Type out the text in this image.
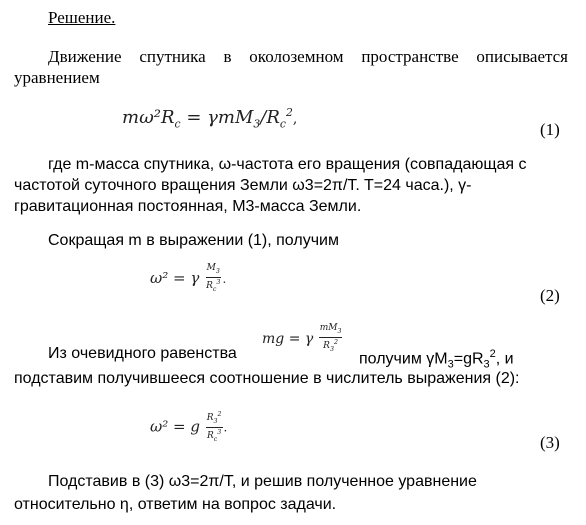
Решение.

Движение спутника в околоземном пространстве описывается

уравнением

$m\omega^2R_c = \gamma mM_3/R_c^2$,
(1)

где m-масса спутника, ω-частота его вращения (совпадающая с

частотой суточного вращения Земли ω3=2π/T. T=24 часа.), γ-

гравитационная постоянная, M3-масса Земли.

Сокращая m в выражении (1), получим

ω² = γ $\frac{M_3}{R_c^3}$ .
(2)
mg = γ $\frac{mM_3}{R_3^2}$

Из очевидного равенства	получим $\gamma M_3=gR_3^2$, и

подставим получившееся соотношение в числитель выражения (2):

ω² = g $\frac{R_3^2}{R_c^3}$ .
(3)

Подставив в (3) ω3=2π/T, и решив полученное уравнение

относительно η, ответим на вопрос задачи.
